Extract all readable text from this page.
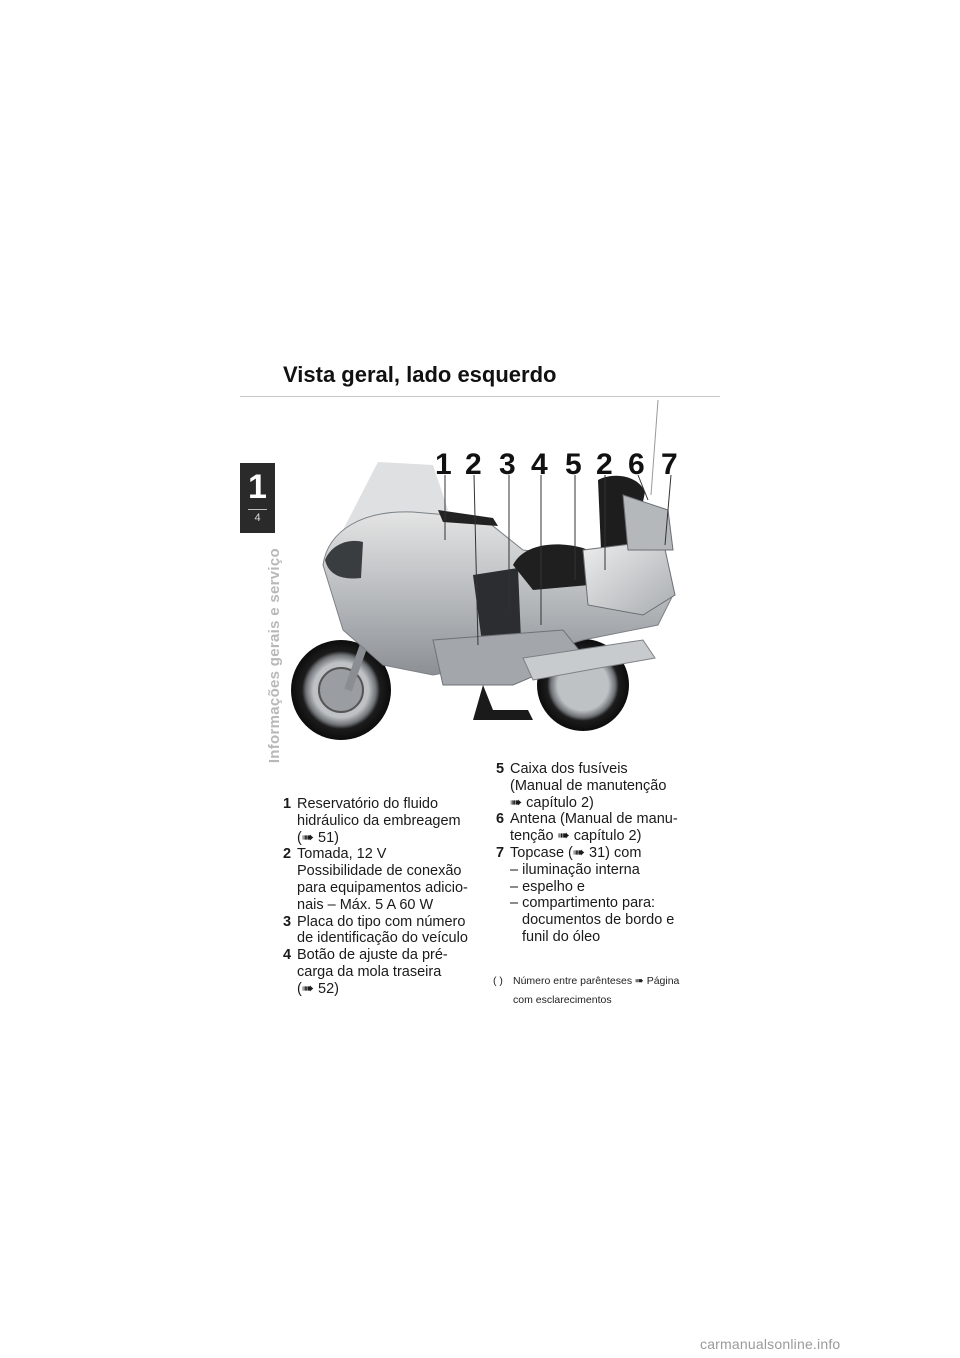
1
4
Informações gerais e serviço
Vista geral, lado esquerdo
1 2 3 4 5 2 6 7
1 Reservatório do fluido
hidráulico da embreagem
(➠ 51)
2 Tomada, 12 V
Possibilidade de conexão
para equipamentos adicio-
nais – Máx. 5 A 60 W
3 Placa do tipo com número
de identificação do veículo
4 Botão de ajuste da pré-
carga da mola traseira
(➠ 52)
5 Caixa dos fusíveis
(Manual de manutenção
➠ capítulo 2)
6 Antena (Manual de manu-
tenção ➠ capítulo 2)
7 Topcase (➠ 31) com
– iluminação interna
– espelho e
– compartimento para:
documentos de bordo e
funil do óleo
( ) Número entre parênteses ➠ Página
com esclarecimentos
carmanualsonline.info
